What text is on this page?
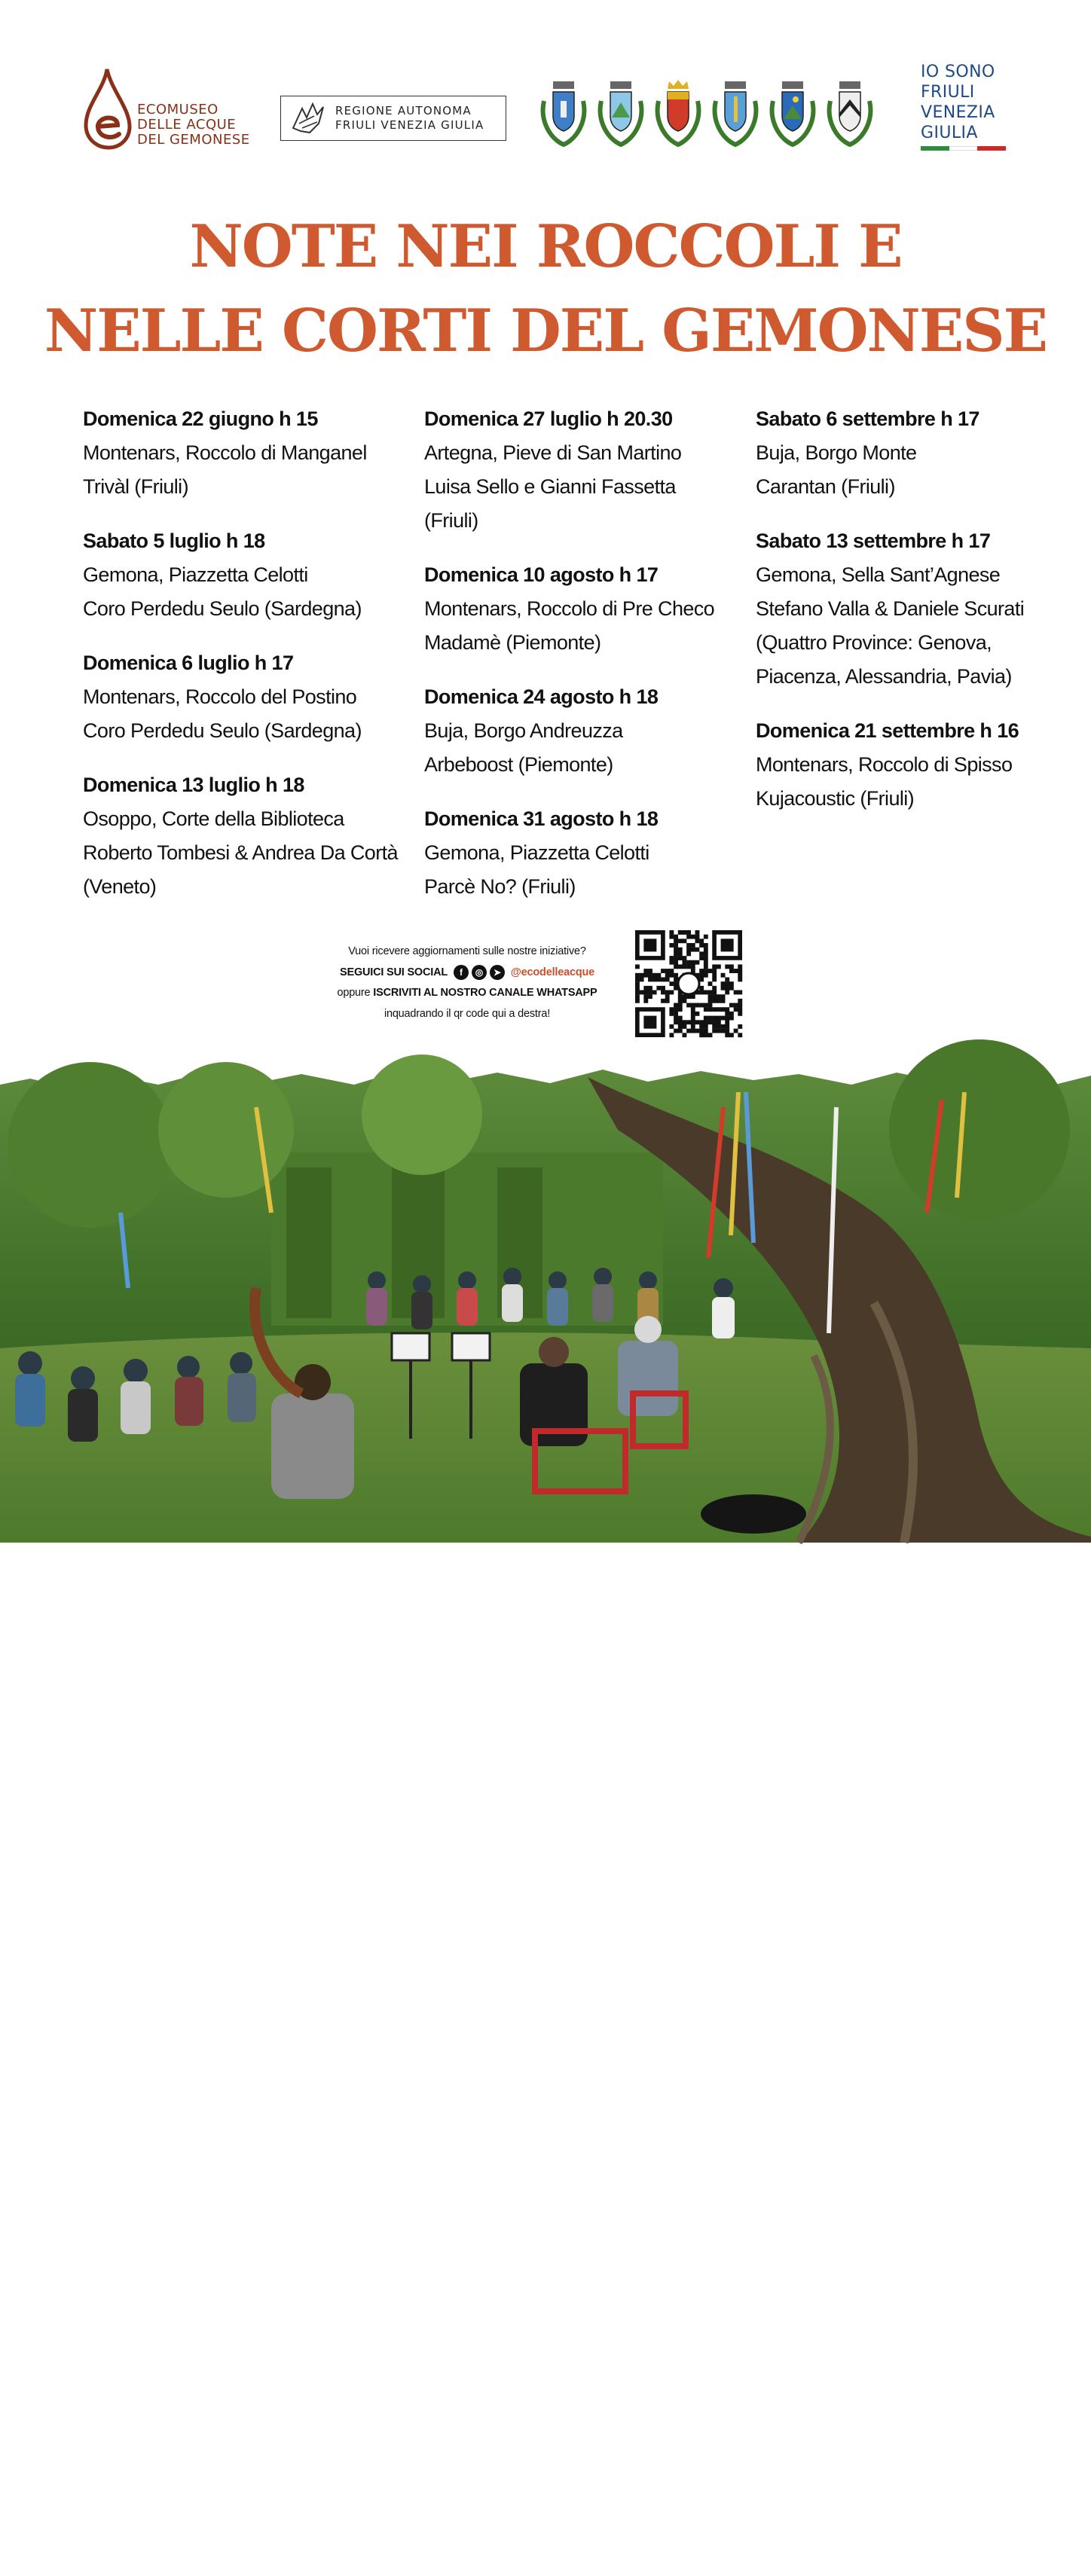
ECOMUSEO
DELLE ACQUE
DEL GEMONESE
REGIONE AUTONOMA
FRIULI VENEZIA GIULIA
IO SONO
FRIULI
VENEZIA
GIULIA
NOTE NEI ROCCOLI E
NELLE CORTI DEL GEMONESE
Domenica 22 giugno h 15
Montenars, Roccolo di Manganel
Trivàl (Friuli)
Sabato 5 luglio h 18
Gemona, Piazzetta Celotti
Coro Perdedu Seulo (Sardegna)
Domenica 6 luglio h 17
Montenars, Roccolo del Postino
Coro Perdedu Seulo (Sardegna)
Domenica 13 luglio h 18
Osoppo, Corte della Biblioteca
Roberto Tombesi & Andrea Da Cortà
(Veneto)
Domenica 27 luglio h 20.30
Artegna, Pieve di San Martino
Luisa Sello e Gianni Fassetta
(Friuli)
Domenica 10 agosto h 17
Montenars, Roccolo di Pre Checo
Madamè (Piemonte)
Domenica 24 agosto h 18
Buja, Borgo Andreuzza
Arbeboost (Piemonte)
Domenica 31 agosto h 18
Gemona, Piazzetta Celotti
Parcè No? (Friuli)
Sabato 6 settembre h 17
Buja, Borgo Monte
Carantan (Friuli)
Sabato 13 settembre h 17
Gemona, Sella Sant’Agnese
Stefano Valla & Daniele Scurati
(Quattro Province: Genova,
Piacenza, Alessandria, Pavia)
Domenica 21 settembre h 16
Montenars, Roccolo di Spisso
Kujacoustic (Friuli)
Vuoi ricevere aggiornamenti sulle nostre iniziative?
SEGUICI SUI SOCIAL	f	◎	➤ @ecodelleacque
oppure ISCRIVITI AL NOSTRO CANALE WHATSAPP
inquadrando il qr code qui a destra!
FOTO DI GRAZIANO SORAVITO
